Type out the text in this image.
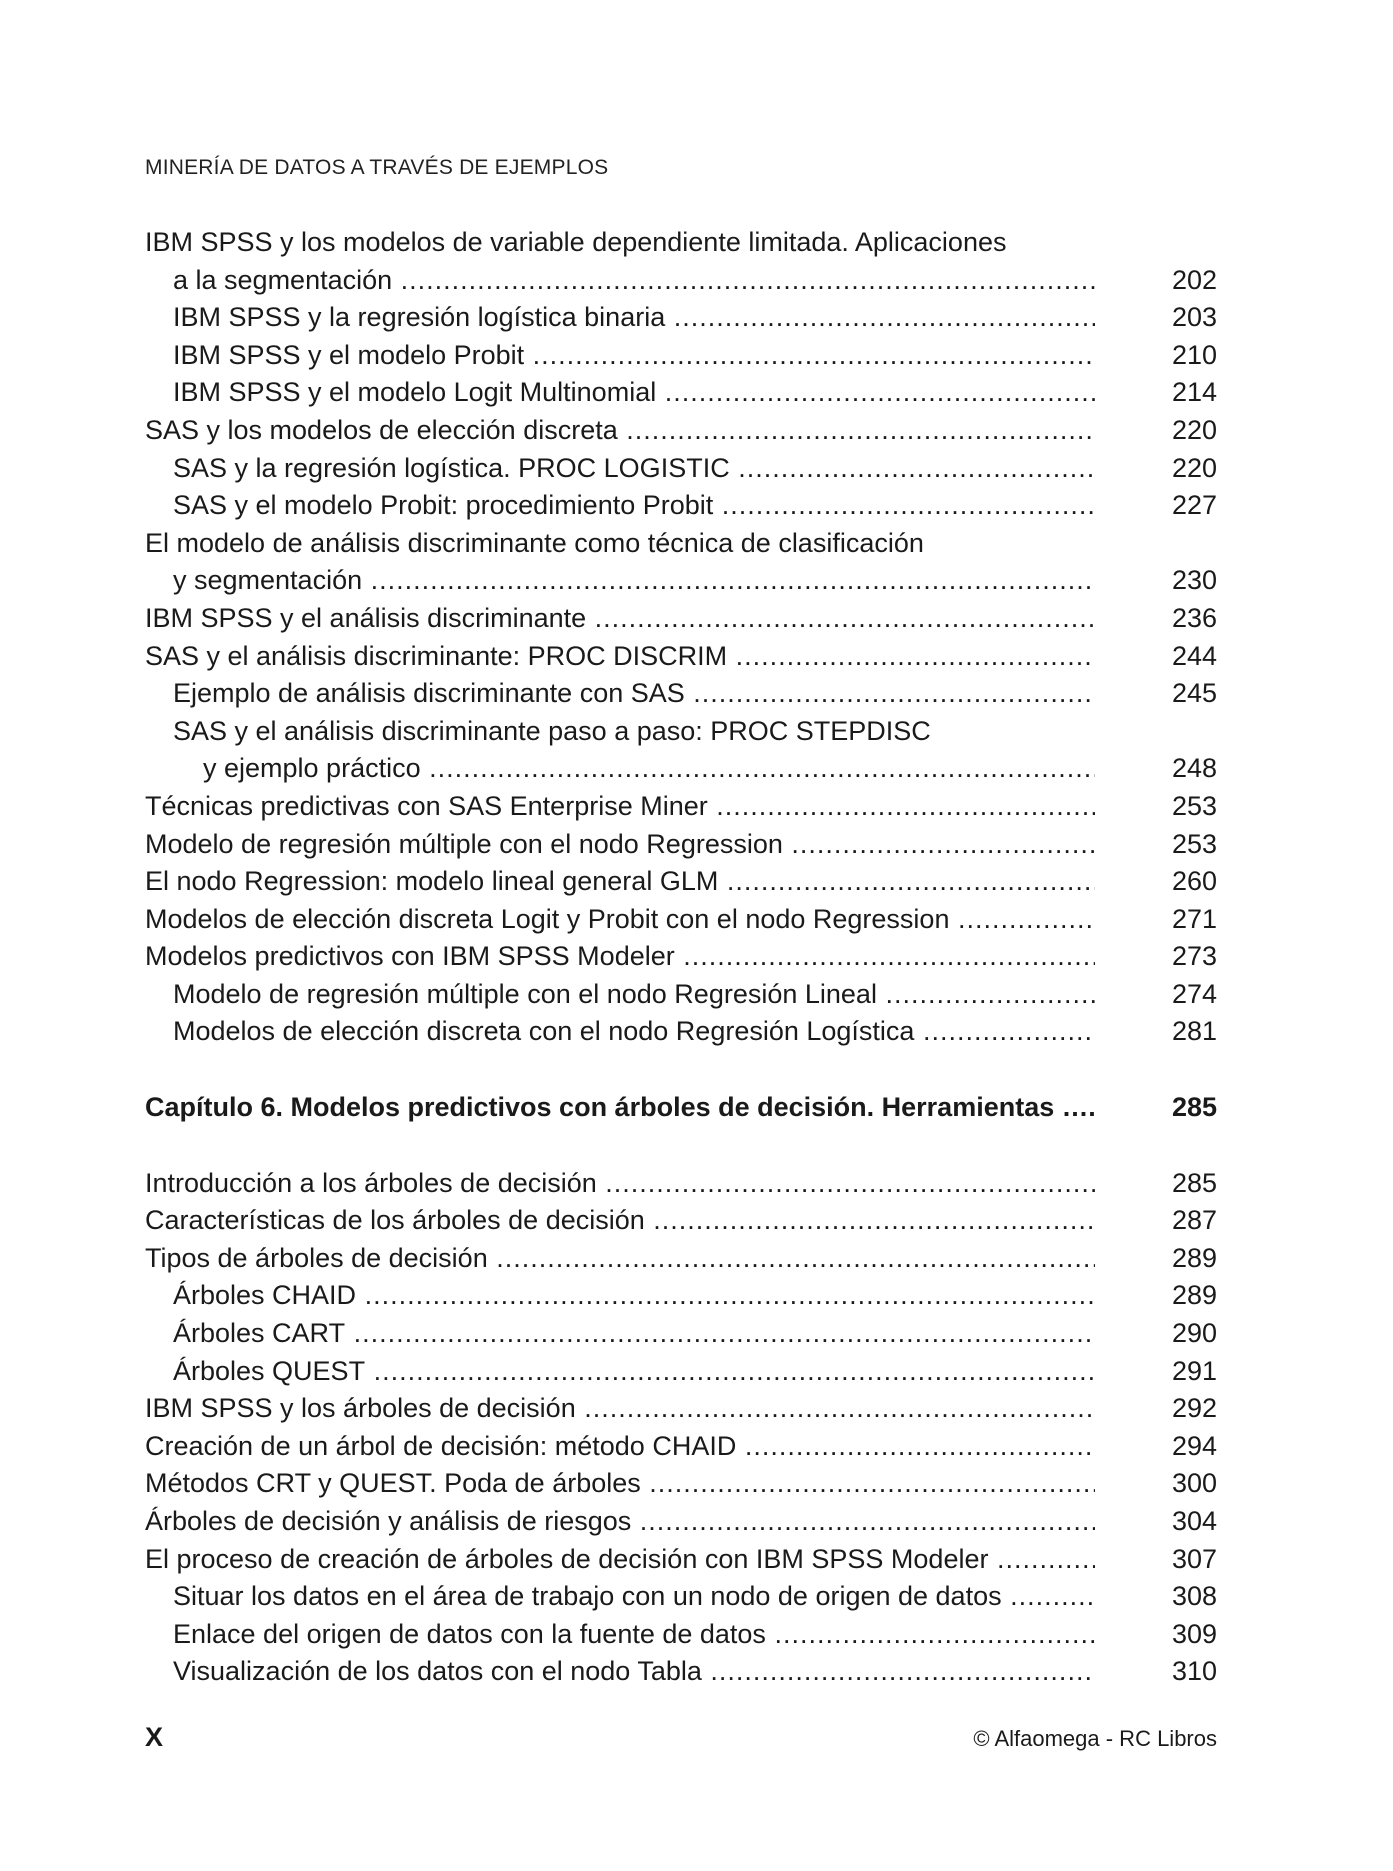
MINERÍA DE DATOS A TRAVÉS DE EJEMPLOS
IBM SPSS y los modelos de variable dependiente limitada. Aplicaciones
a la segmentación .....	202
IBM SPSS y la regresión logística binaria .....	203
IBM SPSS y el modelo Probit .....	210
IBM SPSS y el modelo Logit Multinomial .....	214
SAS y los modelos de elección discreta .....	220
SAS y la regresión logística. PROC LOGISTIC .....	220
SAS y el modelo Probit: procedimiento Probit .....	227
El modelo de análisis discriminante como técnica de clasificación
y segmentación .....	230
IBM SPSS y el análisis discriminante .....	236
SAS y el análisis discriminante: PROC DISCRIM .....	244
Ejemplo de análisis discriminante con SAS .....	245
SAS y el análisis discriminante paso a paso: PROC STEPDISC
y ejemplo práctico .....	248
Técnicas predictivas con SAS Enterprise Miner .....	253
Modelo de regresión múltiple con el nodo Regression .....	253
El nodo Regression: modelo lineal general GLM .....	260
Modelos de elección discreta Logit y Probit con el nodo Regression .....	271
Modelos predictivos con IBM SPSS Modeler .....	273
Modelo de regresión múltiple con el nodo Regresión Lineal .....	274
Modelos de elección discreta con el nodo Regresión Logística .....	281
Capítulo 6. Modelos predictivos con árboles de decisión. Herramientas .....	285
Introducción a los árboles de decisión .....	285
Características de los árboles de decisión .....	287
Tipos de árboles de decisión .....	289
Árboles CHAID .....	289
Árboles CART .....	290
Árboles QUEST .....	291
IBM SPSS y los árboles de decisión .....	292
Creación de un árbol de decisión: método CHAID .....	294
Métodos CRT y QUEST. Poda de árboles .....	300
Árboles de decisión y análisis de riesgos .....	304
El proceso de creación de árboles de decisión con IBM SPSS Modeler .....	307
Situar los datos en el área de trabajo con un nodo de origen de datos .....	308
Enlace del origen de datos con la fuente de datos .....	309
Visualización de los datos con el nodo Tabla .....	310
X	© Alfaomega - RC Libros
